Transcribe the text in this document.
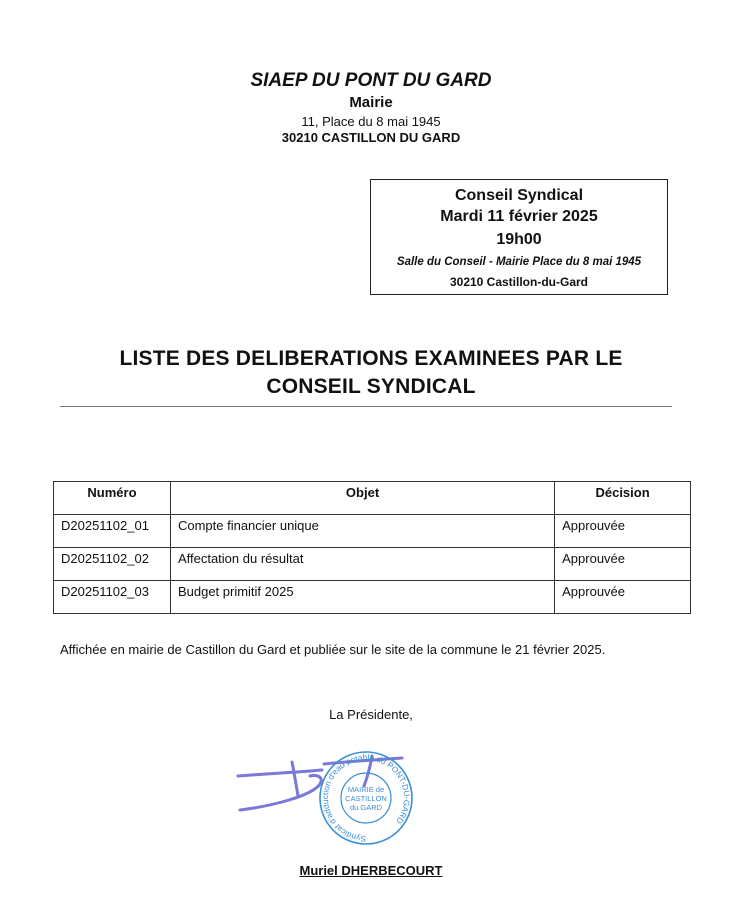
SIAEP DU PONT DU GARD
Mairie
11, Place du 8 mai 1945
30210 CASTILLON DU GARD
Conseil Syndical
Mardi 11 février 2025
19h00
Salle du Conseil - Mairie Place du 8 mai 1945
30210 Castillon-du-Gard
LISTE DES DELIBERATIONS EXAMINEES PAR LE
CONSEIL SYNDICAL
Numéro	Objet	Décision
D20251102_01	Compte financier unique	Approuvée
D20251102_02	Affectation du résultat	Approuvée
D20251102_03	Budget primitif 2025	Approuvée
Affichée en mairie de Castillon du Gard et publiée sur le site de la commune le 21 février 2025.
La Présidente,
Syndicat d'adduction d'eau potable du PONT-DU-GARD
MAIRIE de
CASTILLON
du GARD
Muriel DHERBECOURT
